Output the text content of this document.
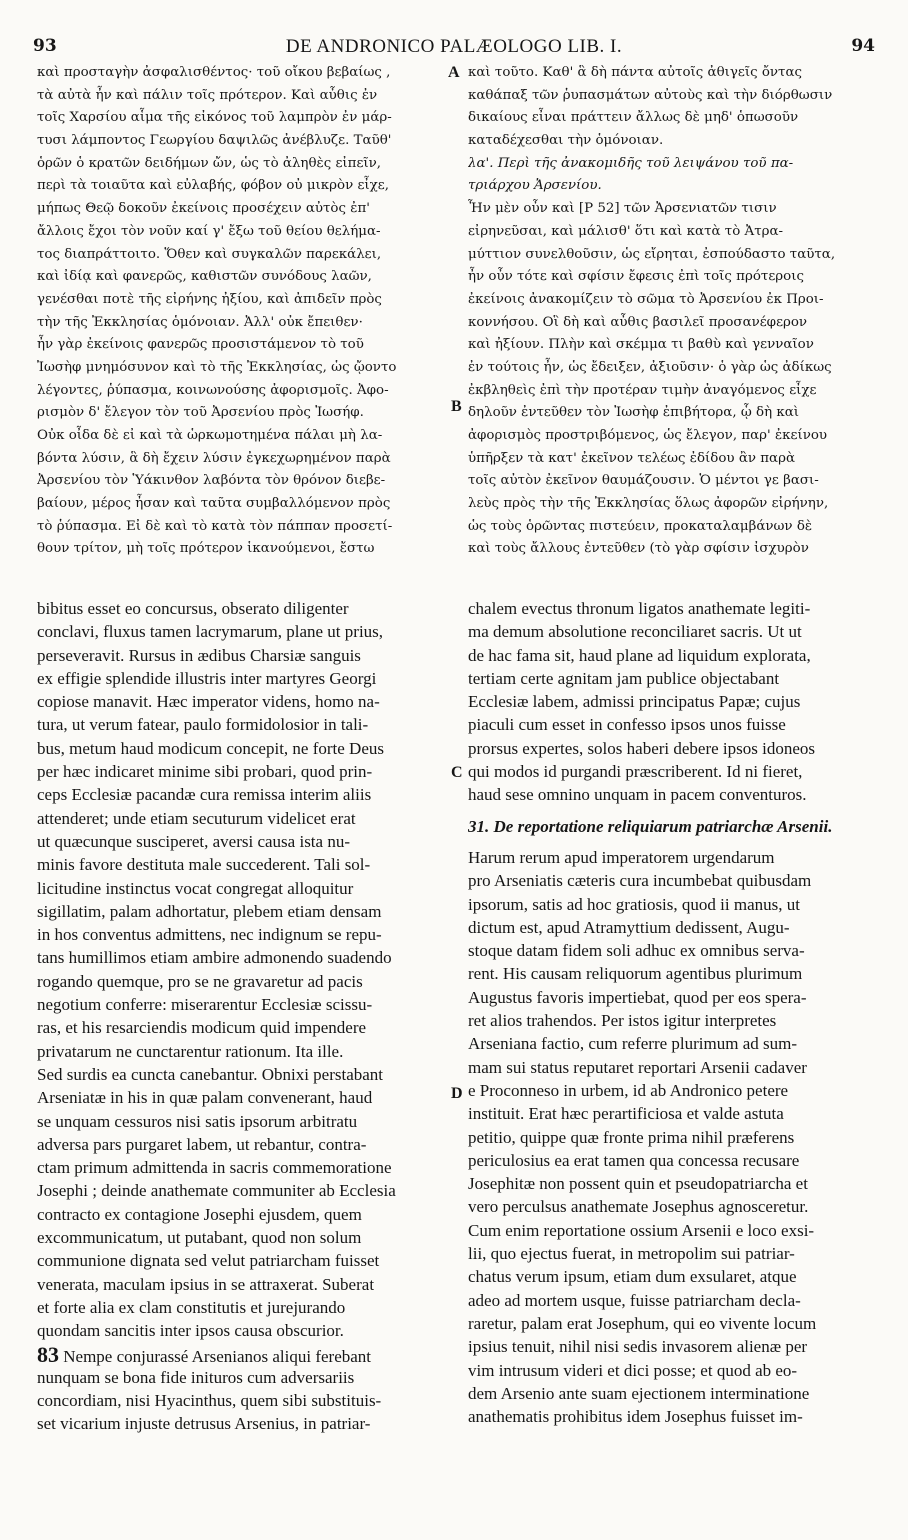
93	DE ANDRONICO PALÆOLOGO LIB. I.	94
καὶ προσταγὴν ἀσφαλισθέντος· τοῦ οἴκου βεβαίως ,
τὰ αὐτὰ ἦν καὶ πάλιν τοῖς πρότερον. Καὶ αὖθις ἐν
τοῖς Χαρσίου αἷμα τῆς εἰκόνος τοῦ λαμπρὸν ἐν μάρ-
τυσι λάμποντος Γεωργίου δαψιλῶς ἀνέβλυζε. Ταῦθ'
ὁρῶν ὁ κρατῶν δειδήμων ὤν, ὡς τὸ ἀληθὲς εἰπεῖν,
περὶ τὰ τοιαῦτα καὶ εὐλαβής, φόβον οὐ μικρὸν εἶχε,
μήπως Θεῷ δοκοῦν ἐκείνοις προσέχειν αὐτὸς ἐπ'
ἄλλοις ἔχοι τὸν νοῦν καί γ' ἔξω τοῦ θείου θελήμα-
τος διαπράττοιτο. Ὅθεν καὶ συγκαλῶν παρεκάλει,
καὶ ἰδίᾳ καὶ φανερῶς, καθιστῶν συνόδους λαῶν,
γενέσθαι ποτὲ τῆς εἰρήνης ἠξίου, καὶ ἀπιδεῖν πρὸς
τὴν τῆς Ἐκκλησίας ὁμόνοιαν. Ἀλλ' οὐκ ἔπειθεν·
ἦν γὰρ ἐκείνοις φανερῶς προσιστάμενον τὸ τοῦ
Ἰωσὴφ μνημόσυνον καὶ τὸ τῆς Ἐκκλησίας, ὡς ᾤοντο
λέγοντες, ῥύπασμα, κοινωνούσης ἀφορισμοῖς. Ἀφο-
ρισμὸν δ' ἔλεγον τὸν τοῦ Ἀρσενίου πρὸς Ἰωσήφ.
Οὐκ οἶδα δὲ εἰ καὶ τὰ ὡρκωμοτημένα πάλαι μὴ λα-
βόντα λύσιν, ἃ δὴ ἔχειν λύσιν ἐγκεχωρημένον παρὰ
Ἀρσενίου τὸν Ὑάκινθον λαβόντα τὸν θρόνον διεβε-
βαίουν, μέρος ἦσαν καὶ ταῦτα συμβαλλόμενον πρὸς
τὸ ῥύπασμα. Εἰ δὲ καὶ τὸ κατὰ τὸν πάππαν προσετί-
θουν τρίτον, μὴ τοῖς πρότερον ἱκανούμενοι, ἔστω
καὶ τοῦτο. Καθ' ἃ δὴ πάντα αὐτοῖς ἀθιγεῖς ὄντας
καθάπαξ τῶν ῥυπασμάτων αὐτοὺς καὶ τὴν διόρθωσιν
δικαίους εἶναι πράττειν ἄλλως δὲ μηδ' ὁπωσοῦν
καταδέχεσθαι τὴν ὁμόνοιαν.
λα'. Περὶ τῆς ἀνακομιδῆς τοῦ λειψάνου τοῦ πα-
τριάρχου Ἀρσενίου.
Ἦν μὲν οὖν καὶ [P 52] τῶν Ἀρσενιατῶν τισιν
εἰρηνεῦσαι, καὶ μάλισθ' ὅτι καὶ κατὰ τὸ Ἀτρα-
μύττιον συνελθοῦσιν, ὡς εἴρηται, ἐσπούδαστο ταῦτα,
ἦν οὖν τότε καὶ σφίσιν ἔφεσις ἐπὶ τοῖς πρότεροις
ἐκείνοις ἀνακομίζειν τὸ σῶμα τὸ Ἀρσενίου ἐκ Προι-
κοννήσου. Οἳ δὴ καὶ αὖθις βασιλεῖ προσανέφερον
καὶ ἠξίουν. Πλὴν καὶ σκέμμα τι βαθὺ καὶ γενναῖον
ἐν τούτοις ἦν, ὡς ἔδειξεν, ἀξιοῦσιν· ὁ γὰρ ὡς ἀδίκως
ἐκβληθεὶς ἐπὶ τὴν προτέραν τιμὴν ἀναγόμενος εἶχε
δηλοῦν ἐντεῦθεν τὸν Ἰωσὴφ ἐπιβήτορα, ᾧ δὴ καὶ
ἀφορισμὸς προστριβόμενος, ὡς ἔλεγον, παρ' ἐκείνου
ὑπῆρξεν τὰ κατ' ἐκεῖνον τελέως ἐδίδου ἂν παρὰ
τοῖς αὐτὸν ἐκεῖνον θαυμάζουσιν. Ὁ μέντοι γε βασι-
λεὺς πρὸς τὴν τῆς Ἐκκλησίας ὅλως ἀφορῶν εἰρήνην,
ὡς τοὺς ὁρῶντας πιστεύειν, προκαταλαμβάνων δὲ
καὶ τοὺς ἄλλους ἐντεῦθεν (τὸ γὰρ σφίσιν ἰσχυρὸν
A
B
C
D
bibitus esset eo concursus, obserato diligenter
conclavi, fluxus tamen lacrymarum, plane ut prius,
perseveravit. Rursus in ædibus Charsiæ sanguis
ex effigie splendide illustris inter martyres Georgi
copiose manavit. Hæc imperator videns, homo na-
tura, ut verum fatear, paulo formidolosior in tali-
bus, metum haud modicum concepit, ne forte Deus
per hæc indicaret minime sibi probari, quod prin-
ceps Ecclesiæ pacandæ cura remissa interim aliis
attenderet; unde etiam secuturum videlicet erat
ut quæcunque susciperet, aversi causa ista nu-
minis favore destituta male succederent. Tali sol-
licitudine instinctus vocat congregat alloquitur
sigillatim, palam adhortatur, plebem etiam densam
in hos conventus admittens, nec indignum se repu-
tans humillimos etiam ambire admonendo suadendo
rogando quemque, pro se ne gravaretur ad pacis
negotium conferre: miserarentur Ecclesiæ scissu-
ras, et his resarciendis modicum quid impendere
privatarum ne cunctarentur rationum. Ita ille.
Sed surdis ea cuncta canebantur. Obnixi perstabant
Arseniatæ in his in quæ palam convenerant, haud
se unquam cessuros nisi satis ipsorum arbitratu
adversa pars purgaret labem, ut rebantur, contra-
ctam primum admittenda in sacris commemoratione
Josephi ; deinde anathemate communiter ab Ecclesia
contracto ex contagione Josephi ejusdem, quem
excommunicatum, ut putabant, quod non solum
communione dignata sed velut patriarcham fuisset
venerata, maculam ipsius in se attraxerat. Suberat
et forte alia ex clam constitutis et jurejurando
quondam sancitis inter ipsos causa obscurior.
83 Nempe conjurassé Arsenianos aliqui ferebant
nunquam se bona fide inituros cum adversariis
concordiam, nisi Hyacinthus, quem sibi substituis-
set vicarium injuste detrusus Arsenius, in patriar-
chalem evectus thronum ligatos anathemate legiti-
ma demum absolutione reconciliaret sacris. Ut ut
de hac fama sit, haud plane ad liquidum explorata,
tertiam certe agnitam jam publice objectabant
Ecclesiæ labem, admissi principatus Papæ; cujus
piaculi cum esset in confesso ipsos unos fuisse
prorsus expertes, solos haberi debere ipsos idoneos
qui modos id purgandi præscriberent. Id ni fieret,
haud sese omnino unquam in pacem conventuros.
31. De reportatione reliquiarum patriarchæ Arsenii.
Harum rerum apud imperatorem urgendarum
pro Arseniatis cæteris cura incumbebat quibusdam
ipsorum, satis ad hoc gratiosis, quod ii manus, ut
dictum est, apud Atramyttium dedissent, Augu-
stoque datam fidem soli adhuc ex omnibus serva-
rent. His causam reliquorum agentibus plurimum
Augustus favoris impertiebat, quod per eos spera-
ret alios trahendos. Per istos igitur interpretes
Arseniana factio, cum referre plurimum ad sum-
mam sui status reputaret reportari Arsenii cadaver
e Proconneso in urbem, id ab Andronico petere
instituit. Erat hæc perartificiosa et valde astuta
petitio, quippe quæ fronte prima nihil præferens
periculosius ea erat tamen qua concessa recusare
Josephitæ non possent quin et pseudopatriarcha et
vero perculsus anathemate Josephus agnosceretur.
Cum enim reportatione ossium Arsenii e loco exsi-
lii, quo ejectus fuerat, in metropolim sui patriar-
chatus verum ipsum, etiam dum exsularet, atque
adeo ad mortem usque, fuisse patriarcham decla-
raretur, palam erat Josephum, qui eo vivente locum
ipsius tenuit, nihil nisi sedis invasorem alienæ per
vim intrusum videri et dici posse; et quod ab eo-
dem Arsenio ante suam ejectionem interminatione
anathematis prohibitus idem Josephus fuisset im-
